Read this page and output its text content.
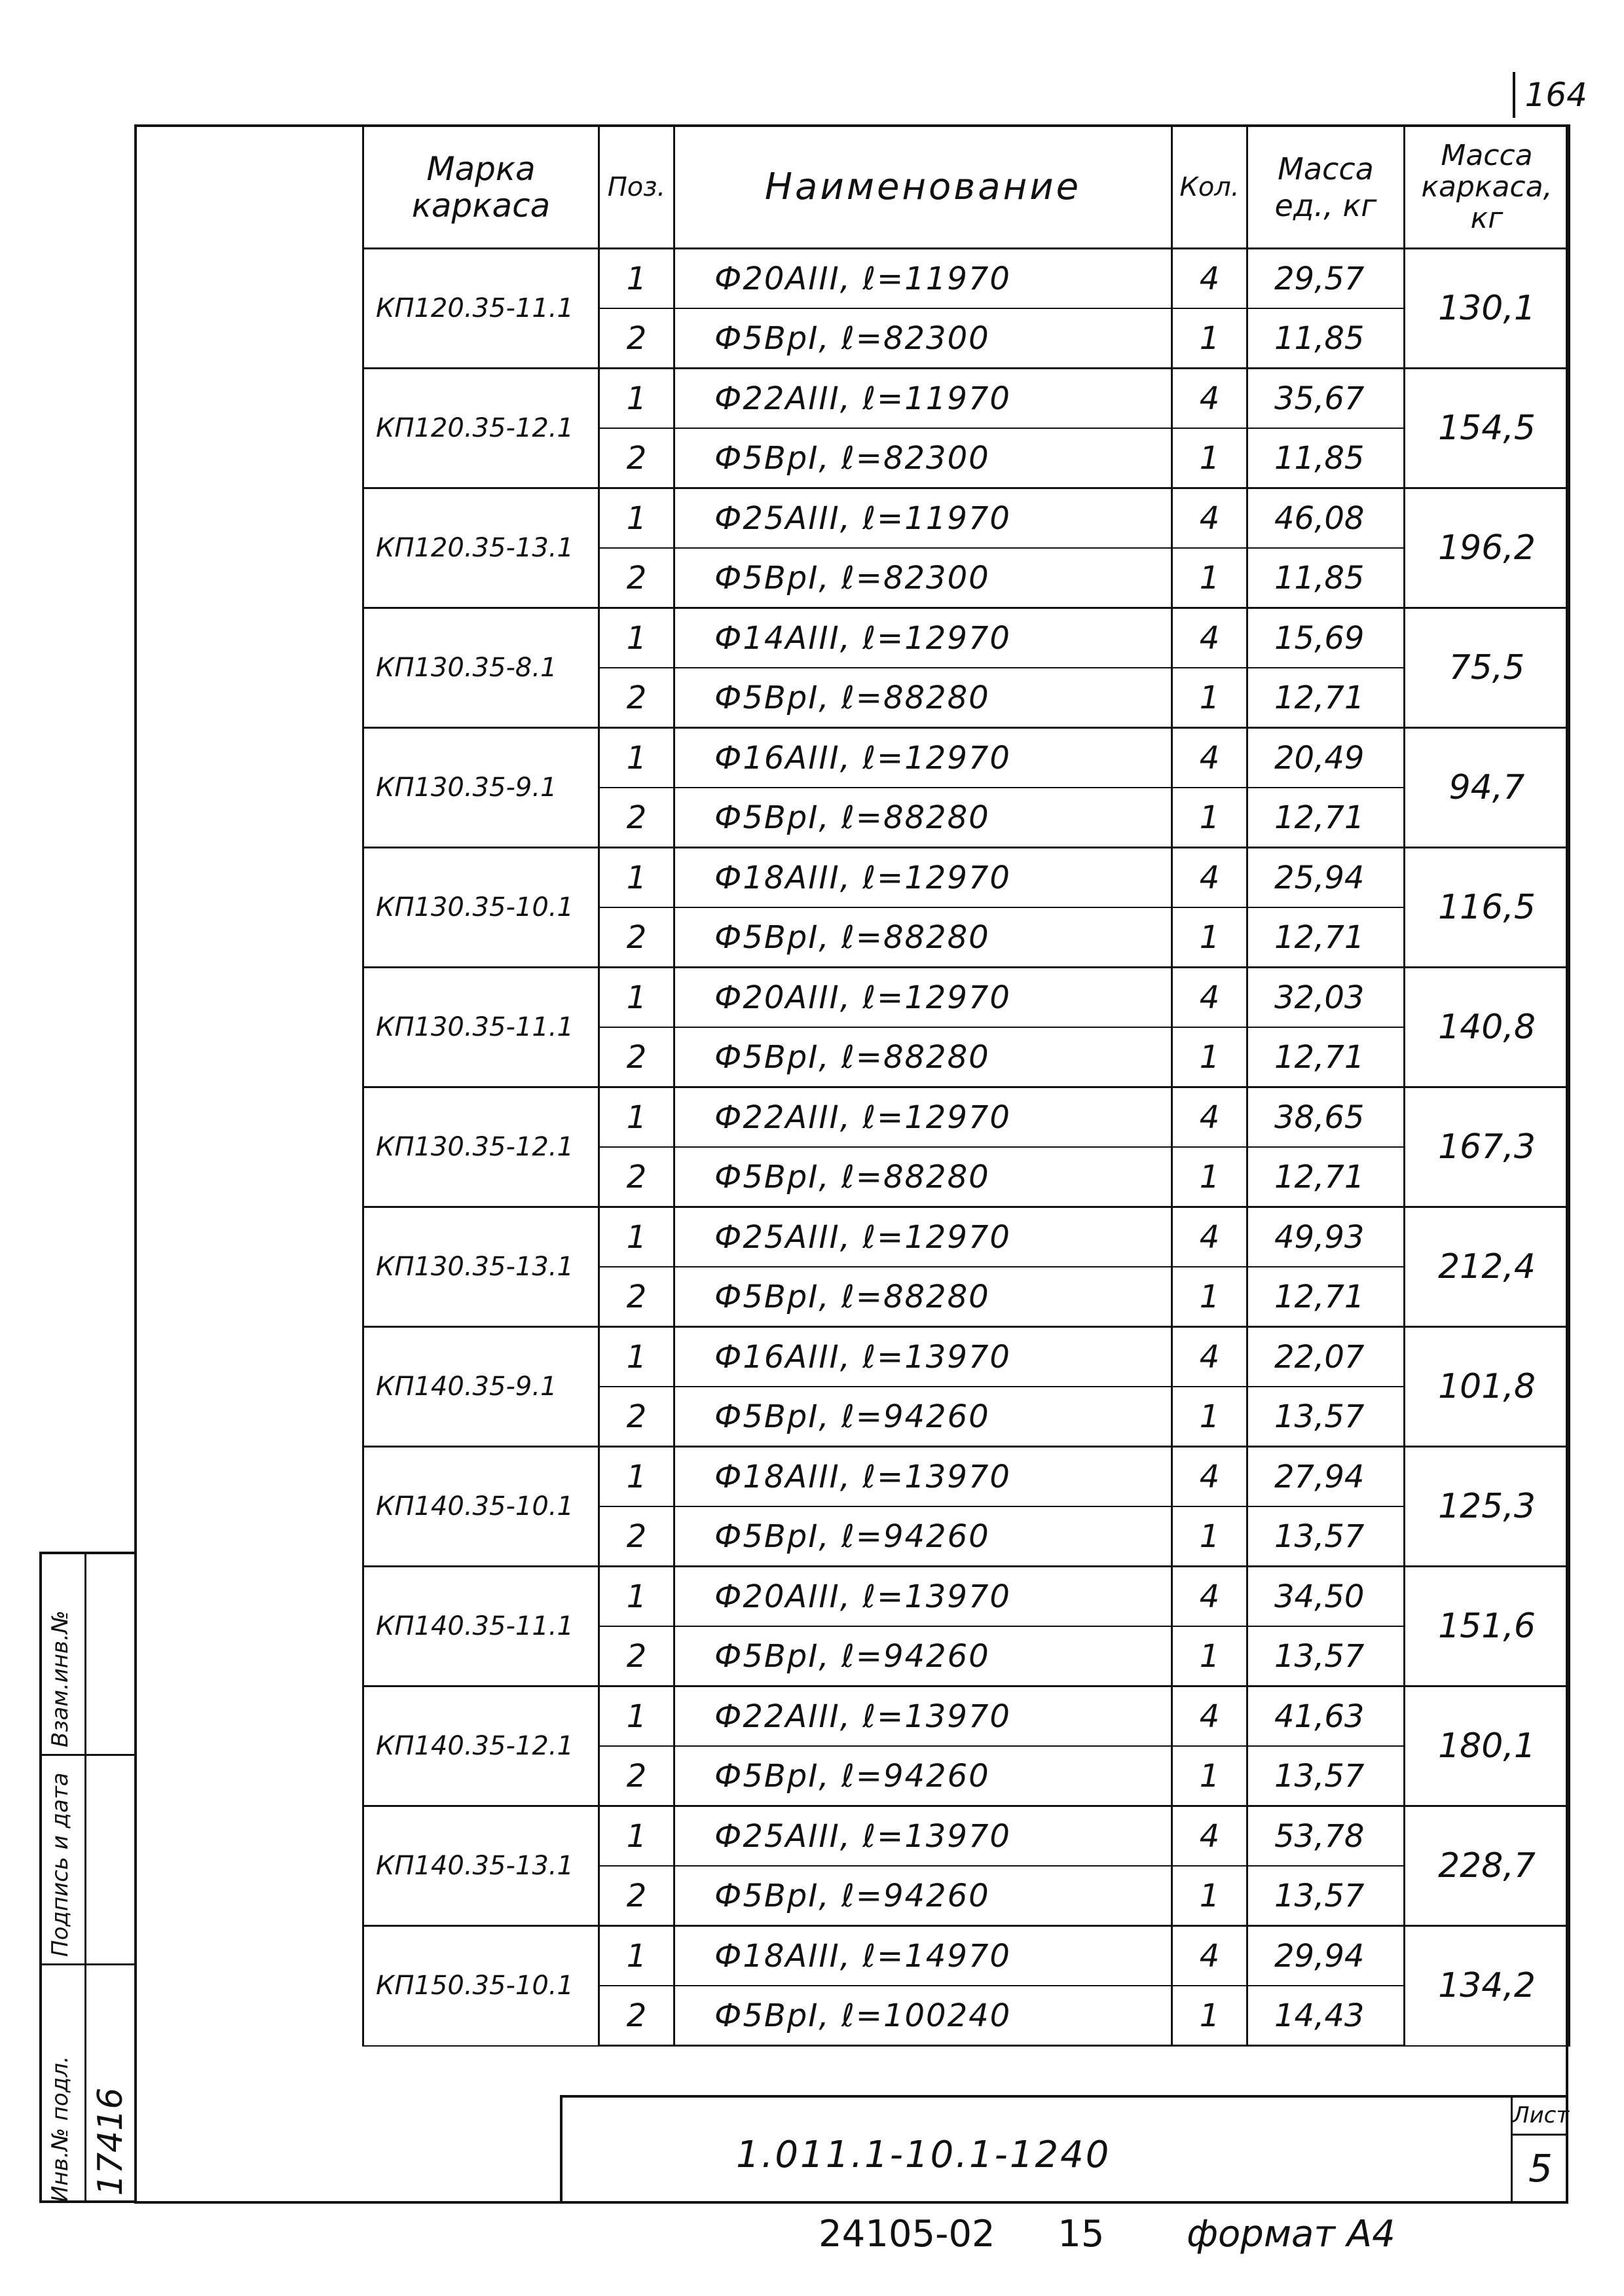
164
Марка каркаса	Поз.	Наименование	Кол.	Масса ед., кг	Масса каркаса, кг
КП120.35-11.1	1	Ф20АIII, ℓ=11970	4	29,57	130,1
	2	Ф5ВрI, ℓ=82300	1	11,85	
КП120.35-12.1	1	Ф22АIII, ℓ=11970	4	35,67	154,5
	2	Ф5ВрI, ℓ=82300	1	11,85	
КП120.35-13.1	1	Ф25АIII, ℓ=11970	4	46,08	196,2
	2	Ф5ВрI, ℓ=82300	1	11,85	
КП130.35-8.1	1	Ф14АIII, ℓ=12970	4	15,69	75,5
	2	Ф5ВрI, ℓ=88280	1	12,71	
КП130.35-9.1	1	Ф16АIII, ℓ=12970	4	20,49	94,7
	2	Ф5ВрI, ℓ=88280	1	12,71	
КП130.35-10.1	1	Ф18АIII, ℓ=12970	4	25,94	116,5
	2	Ф5ВрI, ℓ=88280	1	12,71	
КП130.35-11.1	1	Ф20АIII, ℓ=12970	4	32,03	140,8
	2	Ф5ВрI, ℓ=88280	1	12,71	
КП130.35-12.1	1	Ф22АIII, ℓ=12970	4	38,65	167,3
	2	Ф5ВрI, ℓ=88280	1	12,71	
КП130.35-13.1	1	Ф25АIII, ℓ=12970	4	49,93	212,4
	2	Ф5ВрI, ℓ=88280	1	12,71	
КП140.35-9.1	1	Ф16АIII, ℓ=13970	4	22,07	101,8
	2	Ф5ВрI, ℓ=94260	1	13,57	
КП140.35-10.1	1	Ф18АIII, ℓ=13970	4	27,94	125,3
	2	Ф5ВрI, ℓ=94260	1	13,57	
КП140.35-11.1	1	Ф20АIII, ℓ=13970	4	34,50	151,6
	2	Ф5ВрI, ℓ=94260	1	13,57	
КП140.35-12.1	1	Ф22АIII, ℓ=13970	4	41,63	180,1
	2	Ф5ВрI, ℓ=94260	1	13,57	
КП140.35-13.1	1	Ф25АIII, ℓ=13970	4	53,78	228,7
	2	Ф5ВрI, ℓ=94260	1	13,57	
КП150.35-10.1	1	Ф18АIII, ℓ=14970	4	29,94	134,2
	2	Ф5ВрI, ℓ=100240	1	14,43	
Инв.№ подл. 17416
Подпись и дата
Взам.инв.№
1.011.1-10.1-1240
Лист
5
24105-02 15 формат А4
